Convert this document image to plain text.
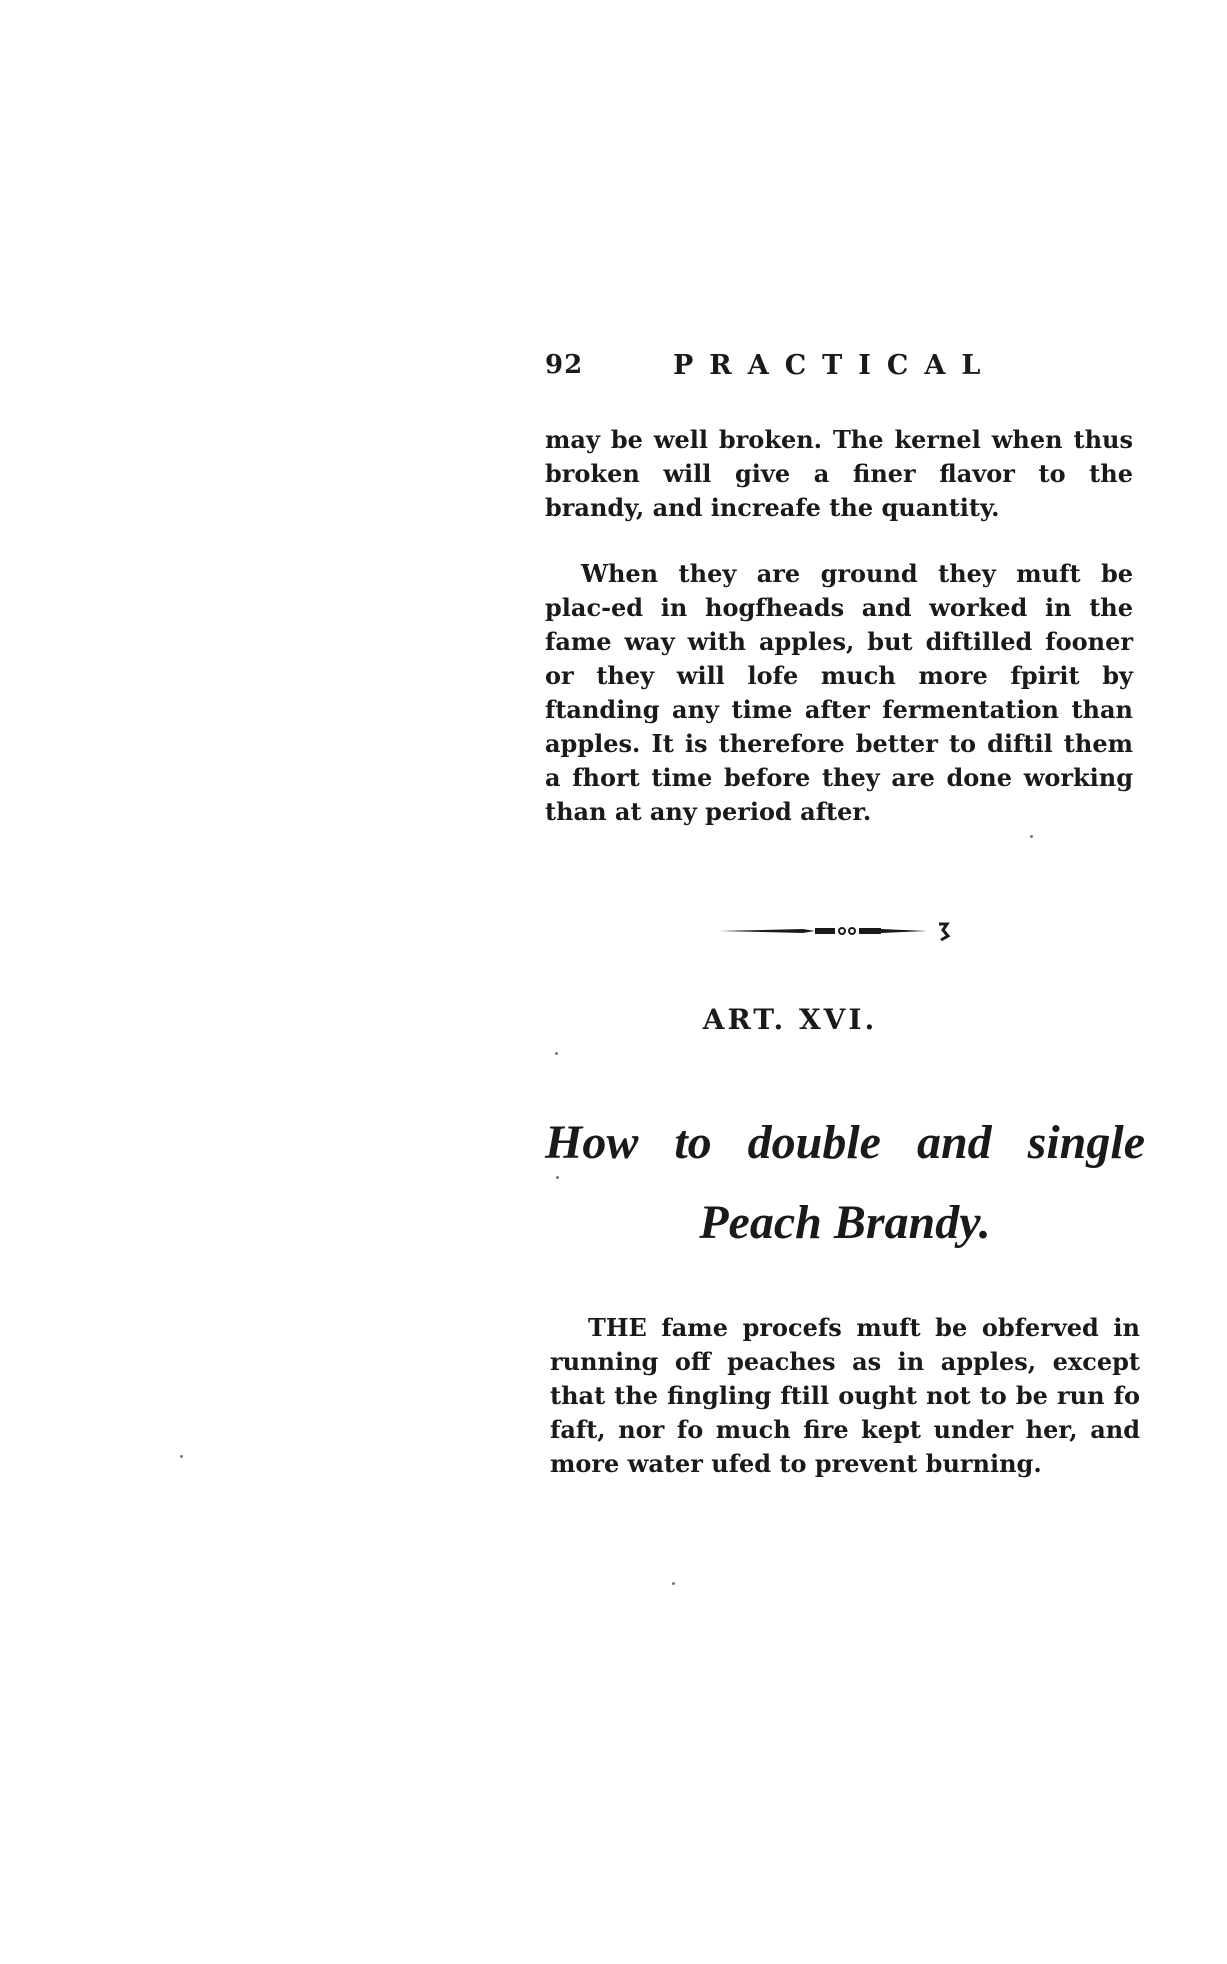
92	PRACTICAL

may be well broken. The kernel when thus broken will give a finer flavor to the brandy, and increafe the quantity.

When they are ground they muft be plac-ed in hogfheads and worked in the fame way with apples, but diftilled fooner or they will lofe much more fpirit by ftanding any time after fermentation than apples. It is therefore better to diftil them a fhort time before they are done working than at any period after.

ART. XVI.
How to double and single
Peach Brandy.

THE fame procefs muft be obferved in running off peaches as in apples, except that the fingling ftill ought not to be run fo faft, nor fo much fire kept under her, and more water ufed to prevent burning.
